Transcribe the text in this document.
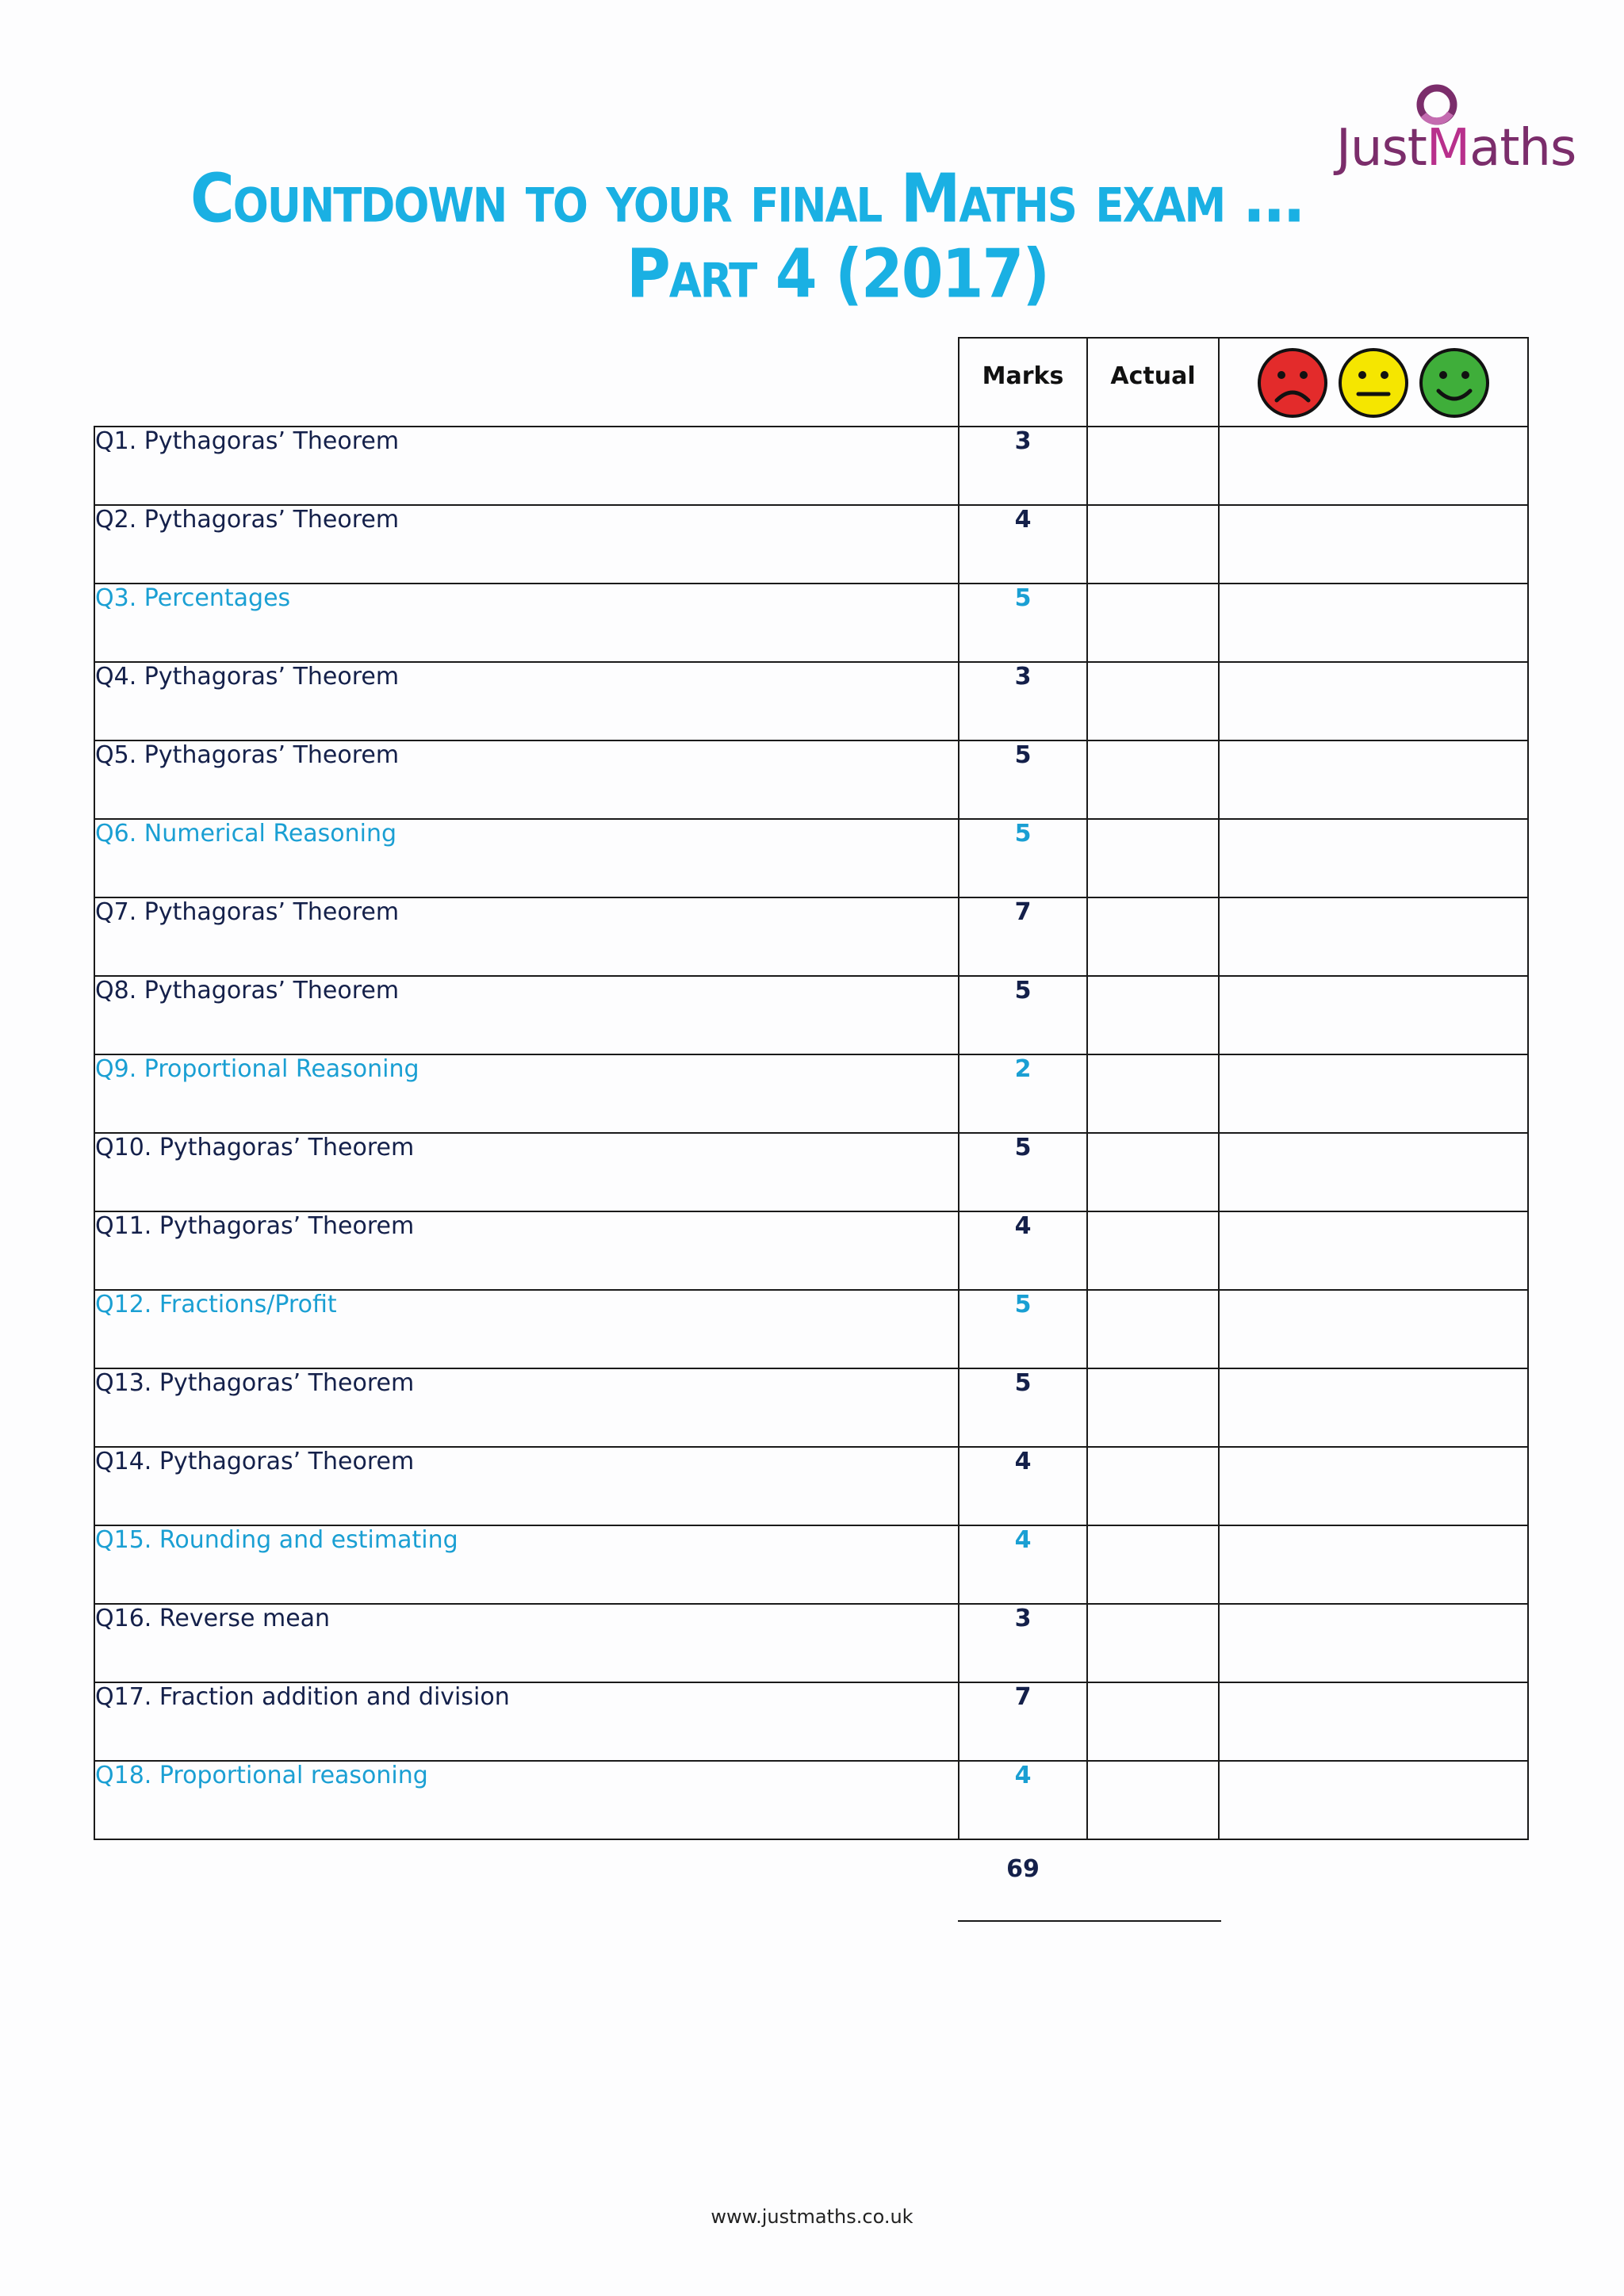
JustMaths
Countdown to your final Maths exam …
Part 4 (2017)
	Marks	Actual	

Q1. Pythagoras’ Theorem	3		
Q2. Pythagoras’ Theorem	4		
Q3. Percentages	5		
Q4. Pythagoras’ Theorem	3		
Q5. Pythagoras’ Theorem	5		
Q6. Numerical Reasoning	5		
Q7. Pythagoras’ Theorem	7		
Q8. Pythagoras’ Theorem	5		
Q9. Proportional Reasoning	2		
Q10. Pythagoras’ Theorem	5		
Q11. Pythagoras’ Theorem	4		
Q12. Fractions/Profit	5		
Q13. Pythagoras’ Theorem	5		
Q14. Pythagoras’ Theorem	4		
Q15. Rounding and estimating	4		
Q16. Reverse mean	3		
Q17. Fraction addition and division	7		
Q18. Proportional reasoning	4		
69
www.justmaths.co.uk
